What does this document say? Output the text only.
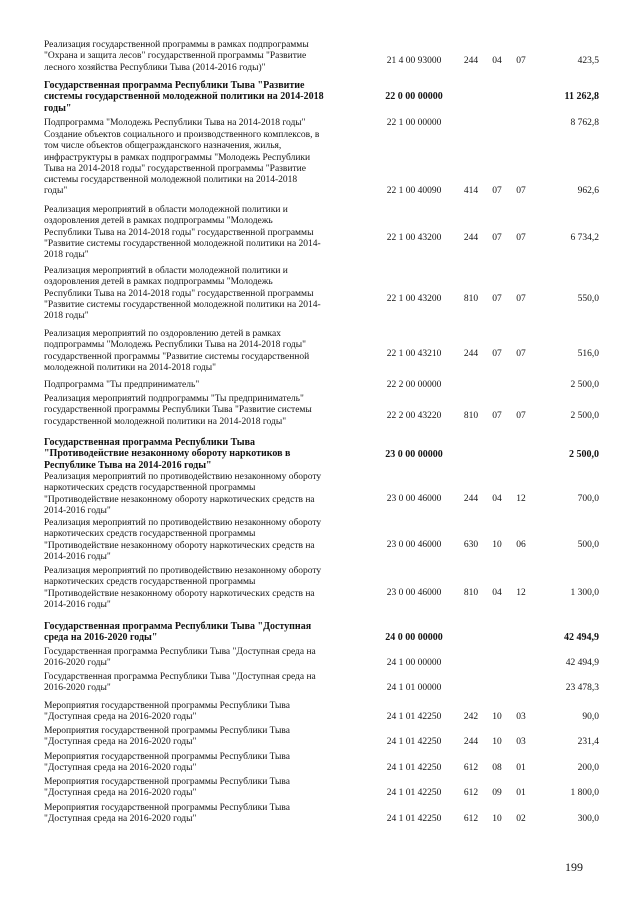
Реализация государственной программы в рамках подпрограммы
"Охрана и защита лесов" государственной программы "Развитие
лесного хозяйства Республики Тыва (2014-2016 годы)"
21 4 00 93000	244	04	07	423,5
Государственная программа Республики Тыва "Развитие
системы государственной молодежной политики на 2014-2018
годы"
22 0 00 00000	11 262,8
Подпрограмма "Молодежь Республики Тыва на 2014-2018 годы"	22 1 00 00000	8 762,8
Создание объектов социального и производственного комплексов, в
том числе объектов общегражданского назначения, жилья,
инфраструктуры в рамках подпрограммы "Молодежь Республики
Тыва на 2014-2018 годы" государственной программы "Развитие
системы государственной молодежной политики на 2014-2018
годы"	22 1 00 40090	414	07	07	962,6
Реализация мероприятий в области молодежной политики и
оздоровления детей в рамках подпрограммы "Молодежь
Республики Тыва на 2014-2018 годы" государственной программы
"Развитие системы государственной молодежной политики на 2014-
2018 годы"
22 1 00 43200	244	07	07	6 734,2
Реализация мероприятий в области молодежной политики и
оздоровления детей в рамках подпрограммы "Молодежь
Республики Тыва на 2014-2018 годы" государственной программы
"Развитие системы государственной молодежной политики на 2014-
2018 годы"
22 1 00 43200	810	07	07	550,0
Реализация мероприятий по оздоровлению детей в рамках
подпрограммы "Молодежь Республики Тыва на 2014-2018 годы"
государственной программы "Развитие системы государственной
молодежной политики на 2014-2018 годы"
22 1 00 43210	244	07	07	516,0
Подпрограмма "Ты предприниматель"	22 2 00 00000	2 500,0
Реализация мероприятий подпрограммы "Ты предприниматель"
государственной программы Республики Тыва "Развитие системы
государственной молодежной политики на 2014-2018 годы"
22 2 00 43220	810	07	07	2 500,0
Государственная программа Республики Тыва
"Противодействие незаконному обороту наркотиков в
Республике Тыва на 2014-2016 годы"
23 0 00 00000	2 500,0
Реализация мероприятий по противодействию незаконному обороту
наркотических средств государственной программы
"Противодействие незаконному обороту наркотических средств на
2014-2016 годы"
23 0 00 46000	244	04	12	700,0
Реализация мероприятий по противодействию незаконному обороту
наркотических средств государственной программы
"Противодействие незаконному обороту наркотических средств на
2014-2016 годы"
23 0 00 46000	630	10	06	500,0
Реализация мероприятий по противодействию незаконному обороту
наркотических средств государственной программы
"Противодействие незаконному обороту наркотических средств на
2014-2016 годы"
23 0 00 46000	810	04	12	1 300,0
Государственная программа Республики Тыва "Доступная
среда на 2016-2020 годы"	24 0 00 00000	42 494,9
Государственная программа Республики Тыва "Доступная среда на
2016-2020 годы"	24 1 00 00000	42 494,9
Государственная программа Республики Тыва "Доступная среда на
2016-2020 годы"	24 1 01 00000	23 478,3
Мероприятия государственной программы Республики Тыва
"Доступная среда на 2016-2020 годы"	24 1 01 42250	242	10	03	90,0
Мероприятия государственной программы Республики Тыва
"Доступная среда на 2016-2020 годы"	24 1 01 42250	244	10	03	231,4
Мероприятия государственной программы Республики Тыва
"Доступная среда на 2016-2020 годы"	24 1 01 42250	612	08	01	200,0
Мероприятия государственной программы Республики Тыва
"Доступная среда на 2016-2020 годы"	24 1 01 42250	612	09	01	1 800,0
Мероприятия государственной программы Республики Тыва
"Доступная среда на 2016-2020 годы"	24 1 01 42250	612	10	02	300,0
199
